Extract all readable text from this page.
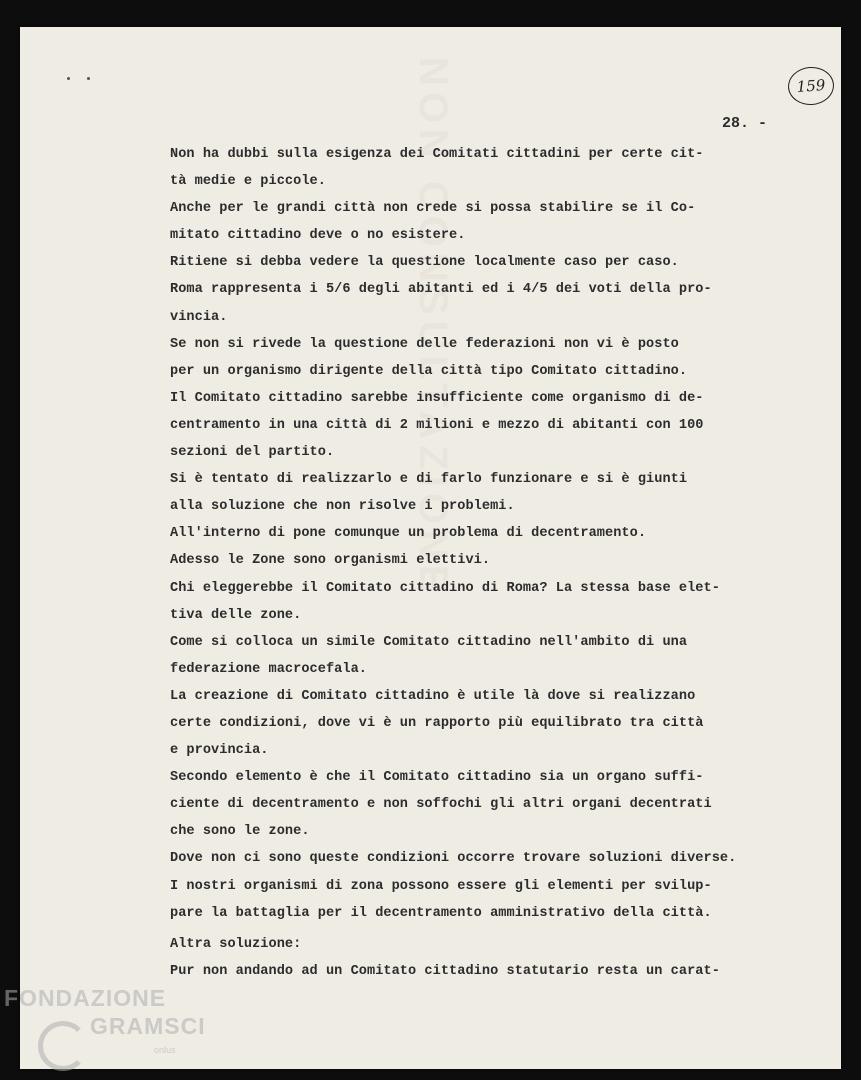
NON CONSULTAZIONE	159
28. -
Non ha dubbi sulla esigenza dei Comitati cittadini per certe cit-
tà medie e piccole.
Anche per le grandi città non crede si possa stabilire se il Co-
mitato cittadino deve o no esistere.
Ritiene si debba vedere la questione localmente caso per caso.
Roma rappresenta i 5/6 degli abitanti ed i 4/5 dei voti della pro-
vincia.
Se non si rivede la questione delle federazioni non vi è posto
per un organismo dirigente della città tipo Comitato cittadino.
Il Comitato cittadino sarebbe insufficiente come organismo di de-
centramento in una città di 2 milioni e mezzo di abitanti con 100
sezioni del partito.
Si è tentato di realizzarlo e di farlo funzionare e si è giunti
alla soluzione che non risolve i problemi.
All'interno di pone comunque un problema di decentramento.
Adesso le Zone sono organismi elettivi.
Chi eleggerebbe il Comitato cittadino di Roma? La stessa base elet-
tiva delle zone.
Come si colloca un simile Comitato cittadino nell'ambito di una
federazione macrocefala.
La creazione di Comitato cittadino è utile là dove si realizzano
certe condizioni, dove vi è un rapporto più equilibrato tra città
e provincia.
Secondo elemento è che il Comitato cittadino sia un organo suffi-
ciente di decentramento e non soffochi gli altri organi decentrati
che sono le zone.
Dove non ci sono queste condizioni occorre trovare soluzioni diverse.
I nostri organismi di zona possono essere gli elementi per svilup-
pare la battaglia per il decentramento amministrativo della città.
Altra soluzione:
Pur non andando ad un Comitato cittadino statutario resta un carat-
FONDAZIONE
GRAMSCI
onlus
